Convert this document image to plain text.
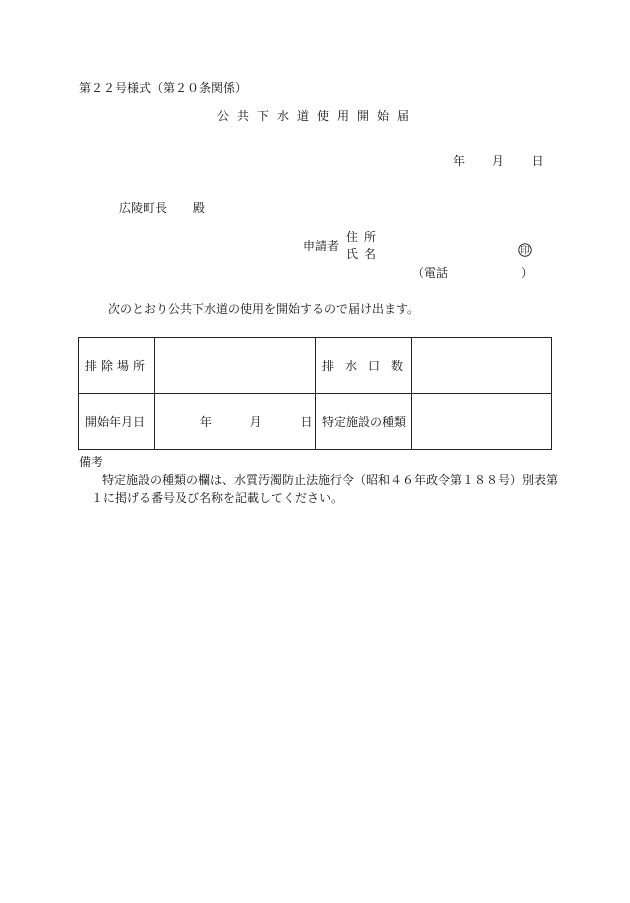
第２２号様式（第２０条関係）
公共下水道使用開始届
年 月 日
広陵町長 殿
申請者
住所
氏名	印
（電話	）
次のとおり公共下水道の使用を開始するので届け出ます。
排除場所		排水口数	
開始年月日	年 月 日	特定施設の種類	
備考
特定施設の種類の欄は、水質汚濁防止法施行令（昭和４６年政令第１８８号）別表第
１に掲げる番号及び名称を記載してください。
